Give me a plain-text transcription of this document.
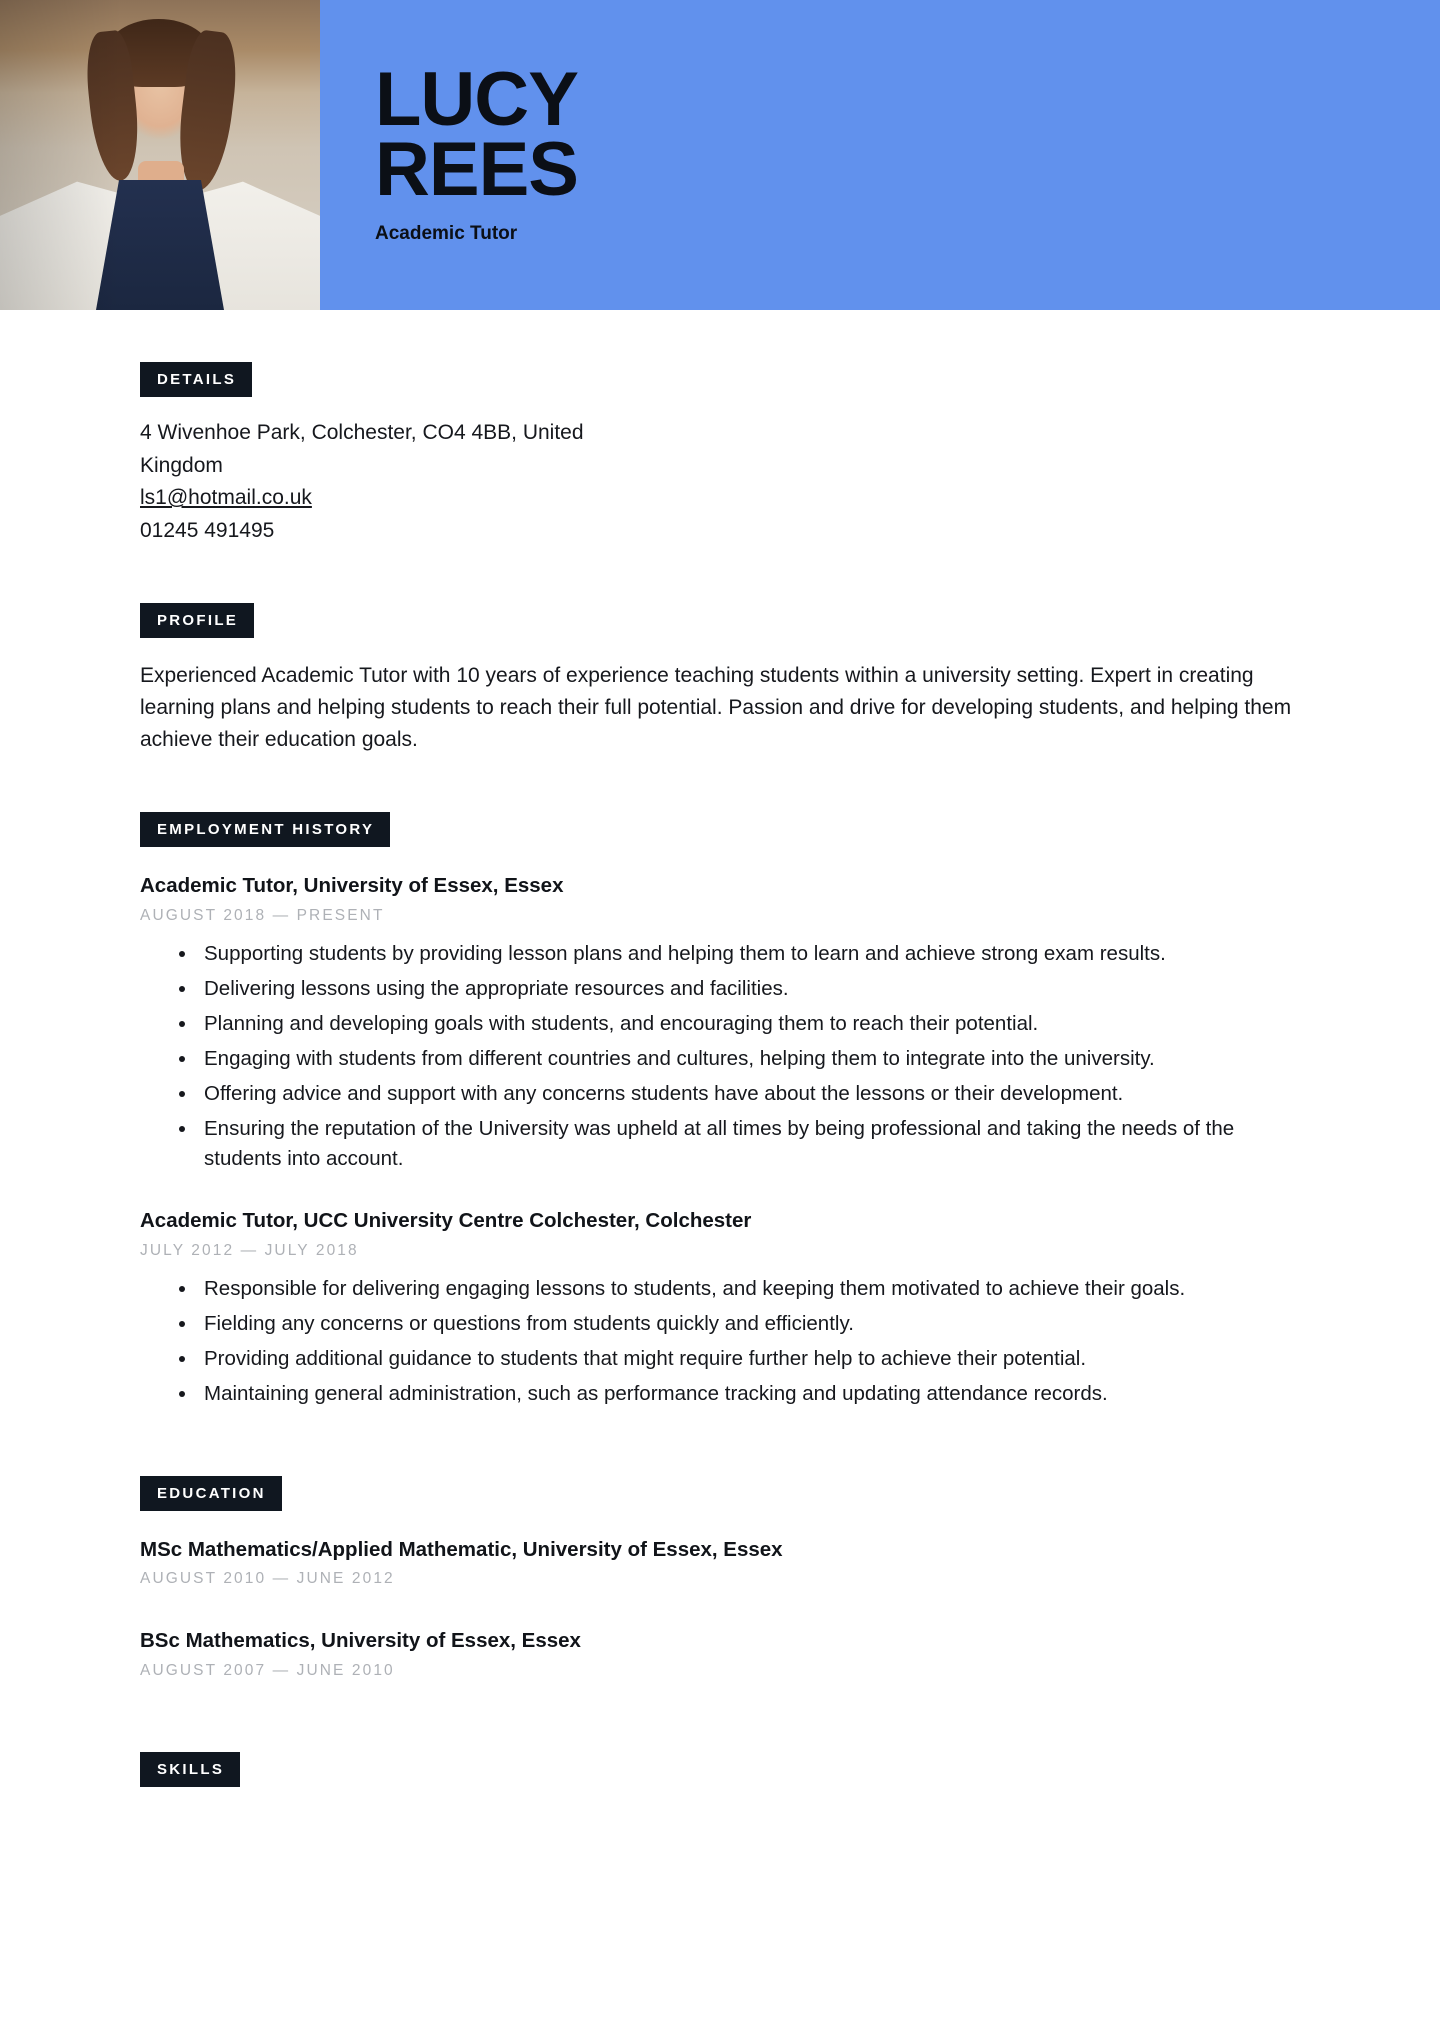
LUCY
REES
Academic Tutor
DETAILS
4 Wivenhoe Park, Colchester, CO4 4BB, United
Kingdom
ls1@hotmail.co.uk
01245 491495
PROFILE

Experienced Academic Tutor with 10 years of experience teaching students within a university setting. Expert in creating learning plans and helping students to reach their full potential. Passion and drive for developing students, and helping them achieve their education goals.

EMPLOYMENT HISTORY
Academic Tutor, University of Essex, Essex
AUGUST 2018 — PRESENT
• Supporting students by providing lesson plans and helping them to learn and achieve strong exam results.
• Delivering lessons using the appropriate resources and facilities.
• Planning and developing goals with students, and encouraging them to reach their potential.
• Engaging with students from different countries and cultures, helping them to integrate into the university.
• Offering advice and support with any concerns students have about the lessons or their development.
• Ensuring the reputation of the University was upheld at all times by being professional and taking the needs of the students into account.
Academic Tutor, UCC University Centre Colchester, Colchester
JULY 2012 — JULY 2018
• Responsible for delivering engaging lessons to students, and keeping them motivated to achieve their goals.
• Fielding any concerns or questions from students quickly and efficiently.
• Providing additional guidance to students that might require further help to achieve their potential.
• Maintaining general administration, such as performance tracking and updating attendance records.
EDUCATION
MSc Mathematics/Applied Mathematic, University of Essex, Essex
AUGUST 2010 — JUNE 2012
BSc Mathematics, University of Essex, Essex
AUGUST 2007 — JUNE 2010
SKILLS
